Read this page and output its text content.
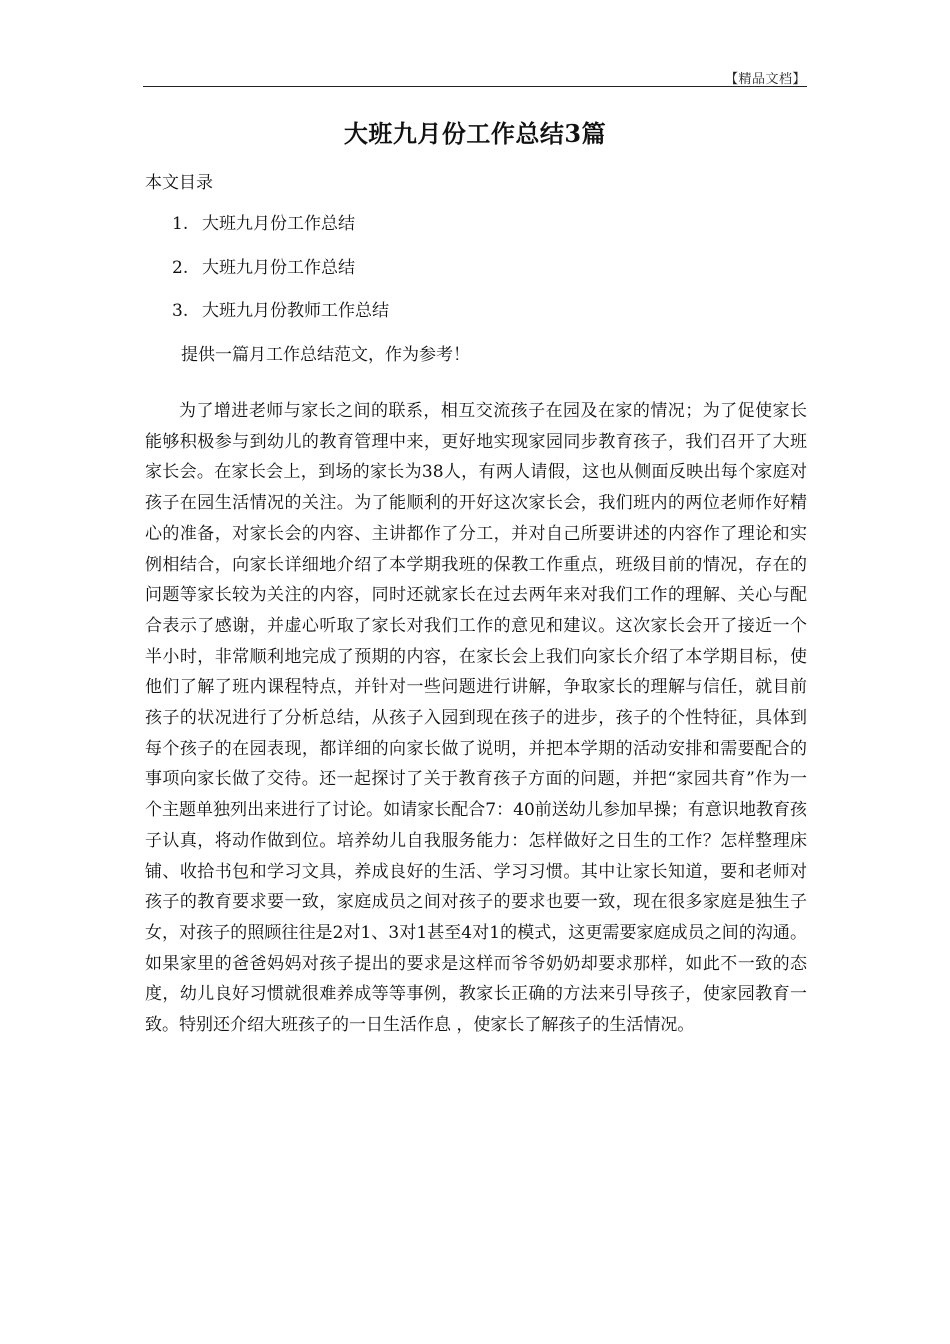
【精品文档】
大班九月份工作总结3篇
本文目录
1. 大班九月份工作总结
2. 大班九月份工作总结
3. 大班九月份教师工作总结
提供一篇月工作总结范文，作为参考！

为了增进老师与家长之间的联系，相互交流孩子在园及在家的情况；为了促使家长能够积极参与到幼儿的教育管理中来，更好地实现家园同步教育孩子，我们召开了大班家长会。在家长会上，到场的家长为38人，有两人请假，这也从侧面反映出每个家庭对孩子在园生活情况的关注。为了能顺利的开好这次家长会，我们班内的两位老师作好精心的准备，对家长会的内容、主讲都作了分工，并对自己所要讲述的内容作了理论和实例相结合，向家长详细地介绍了本学期我班的保教工作重点，班级目前的情况，存在的问题等家长较为关注的内容，同时还就家长在过去两年来对我们工作的理解、关心与配合表示了感谢，并虚心听取了家长对我们工作的意见和建议。这次家长会开了接近一个半小时，非常顺利地完成了预期的内容，在家长会上我们向家长介绍了本学期目标，使他们了解了班内课程特点，并针对一些问题进行讲解，争取家长的理解与信任，就目前孩子的状况进行了分析总结，从孩子入园到现在孩子的进步，孩子的个性特征，具体到每个孩子的在园表现，都详细的向家长做了说明，并把本学期的活动安排和需要配合的事项向家长做了交待。还一起探讨了关于教育孩子方面的问题，并把“家园共育”作为一个主题单独列出来进行了讨论。如请家长配合7：40前送幼儿参加早操；有意识地教育孩子认真，将动作做到位。培养幼儿自我服务能力：怎样做好之日生的工作？怎样整理床铺、收拾书包和学习文具，养成良好的生活、学习习惯。其中让家长知道，要和老师对孩子的教育要求要一致，家庭成员之间对孩子的要求也要一致，现在很多家庭是独生子女，对孩子的照顾往往是2对1、3对1甚至4对1的模式，这更需要家庭成员之间的沟通。如果家里的爸爸妈妈对孩子提出的要求是这样而爷爷奶奶却要求那样，如此不一致的态度，幼儿良好习惯就很难养成等等事例，教家长正确的方法来引导孩子，使家园教育一致。特别还介绍大班孩子的一日生活作息 ，使家长了解孩子的生活情况。
